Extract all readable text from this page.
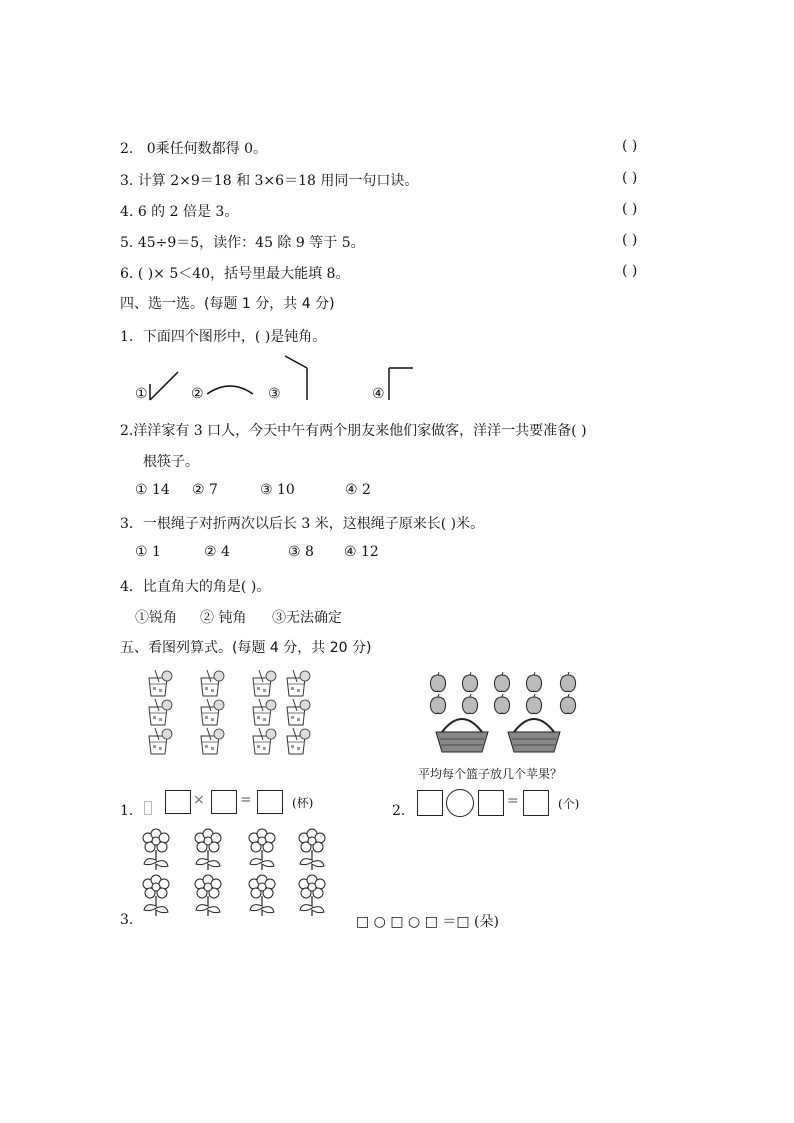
2. 0乘任何数都得 0。	( )
3. 计算 2×9＝18 和 3×6＝18 用同一句口诀。	( )
4. 6 的 2 倍是 3。	( )
5. 45÷9＝5，读作：45 除 9 等于 5。	( )
6. ( )× 5＜40，括号里最大能填 8。	( )
四、选一选。(每题 1 分，共 4 分)
1．下面四个图形中，( )是钝角。
①	②	③	④
2.洋洋家有 3 口人，今天中午有两个朋友来他们家做客，洋洋一共要准备( )
根筷子。
① 14 ② 7	③ 10	④ 2
3．一根绳子对折两次以后长 3 米，这根绳子原来长( )米。
① 1	② 4	③ 8 ④ 12
4．比直角大的角是( )。
①锐角 ② 钝角 ③无法确定
五、看图列算式。(每题 4 分，共 20 分)
平均每个篮子放几个苹果？
1.
×	=	(杯)	2.
=	(个)
3.	□ ○ □ ○ □ ＝□ (朵)
